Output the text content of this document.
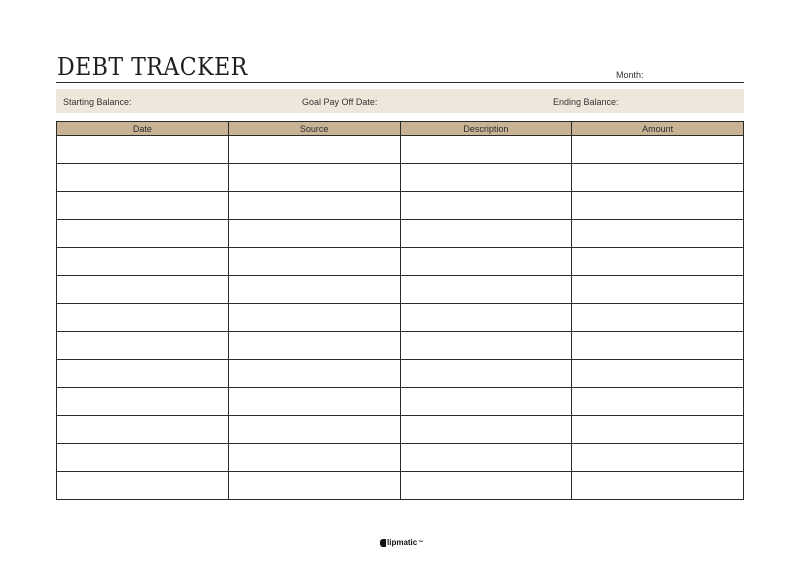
DEBT TRACKER	Month:
Starting Balance:	Goal Pay Off Date:	Ending Balance:
Date	Source	Description	Amount

lipmatic ™
